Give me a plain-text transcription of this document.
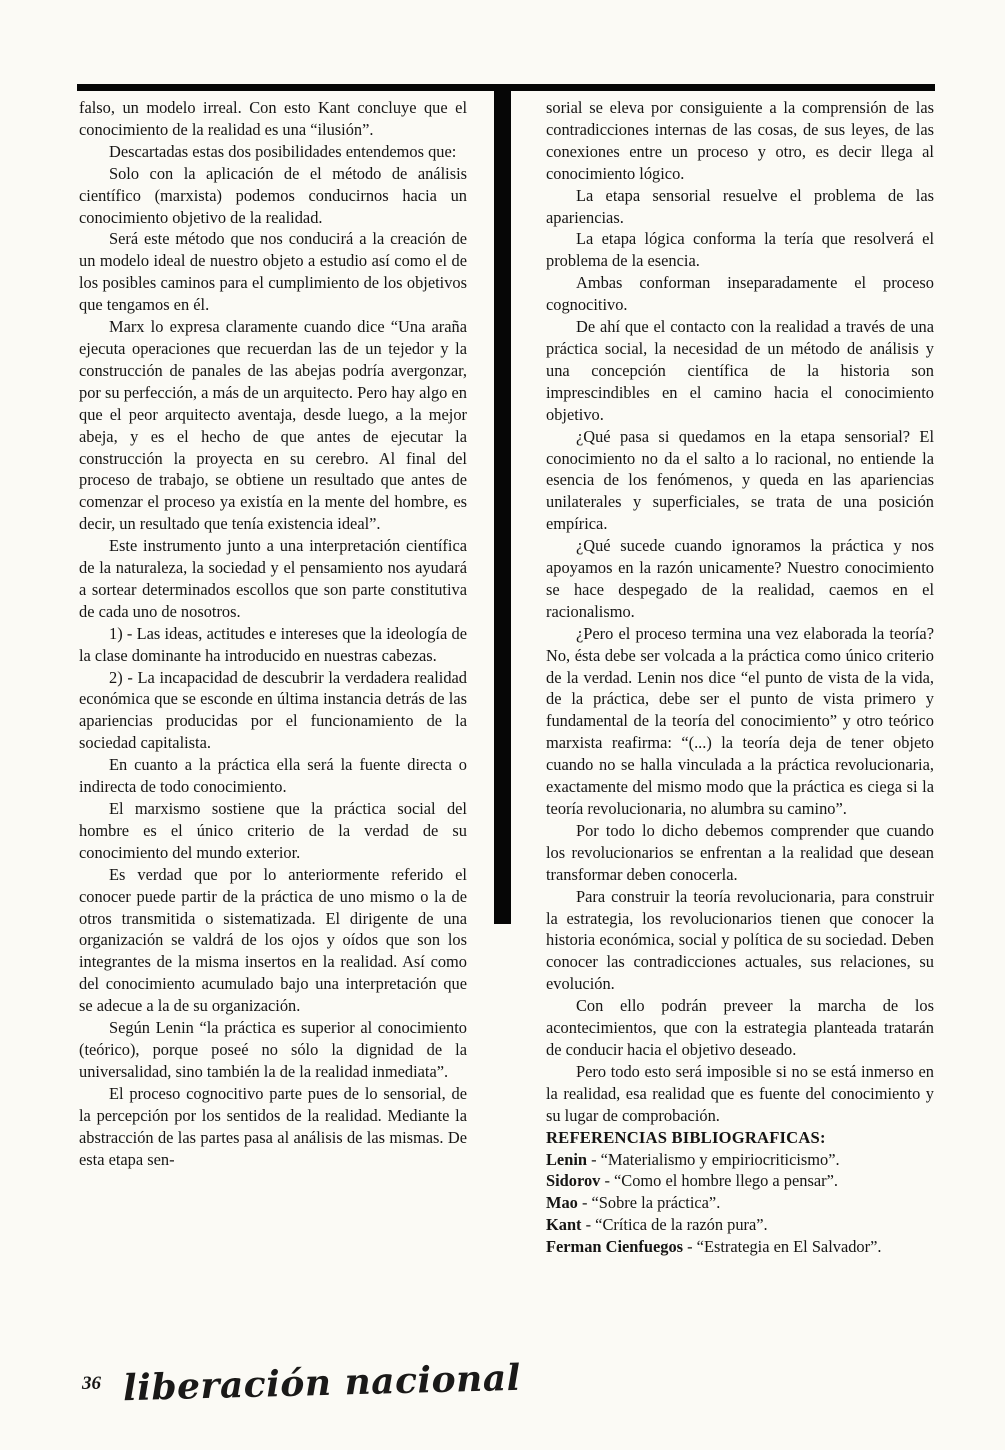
falso, un modelo irreal. Con esto Kant concluye que el conocimiento de la realidad es una “ilusión”.

Descartadas estas dos posibilidades entendemos que:

Solo con la aplicación de el método de análisis científico (marxista) podemos conducirnos hacia un conocimiento objetivo de la realidad.

Será este método que nos conducirá a la creación de un modelo ideal de nuestro objeto a estudio así como el de los posibles caminos para el cumplimiento de los objetivos que tengamos en él.

Marx lo expresa claramente cuando dice “Una araña ejecuta operaciones que recuerdan las de un tejedor y la construcción de panales de las abejas podría avergonzar, por su perfección, a más de un arquitecto. Pero hay algo en que el peor arquitecto aventaja, desde luego, a la mejor abeja, y es el hecho de que antes de ejecutar la construcción la proyecta en su cerebro. Al final del proceso de trabajo, se obtiene un resultado que antes de comenzar el proceso ya existía en la mente del hombre, es decir, un resultado que tenía existencia ideal”.

Este instrumento junto a una interpretación científica de la naturaleza, la sociedad y el pensamiento nos ayudará a sortear determinados escollos que son parte constitutiva de cada uno de nosotros.

1) - Las ideas, actitudes e intereses que la ideología de la clase dominante ha introducido en nuestras cabezas.

2) - La incapacidad de descubrir la verdadera realidad económica que se esconde en última instancia detrás de las apariencias producidas por el funcionamiento de la sociedad capitalista.

En cuanto a la práctica ella será la fuente directa o indirecta de todo conocimiento.

El marxismo sostiene que la práctica social del hombre es el único criterio de la verdad de su conocimiento del mundo exterior.

Es verdad que por lo anteriormente referido el conocer puede partir de la práctica de uno mismo o la de otros transmitida o sistematizada. El dirigente de una organización se valdrá de los ojos y oídos que son los integrantes de la misma insertos en la realidad. Así como del conocimiento acumulado bajo una interpretación que se adecue a la de su organización.

Según Lenin “la práctica es superior al conocimiento (teórico), porque poseé no sólo la dignidad de la universalidad, sino también la de la realidad inmediata”.

El proceso cognocitivo parte pues de lo sensorial, de la percepción por los sentidos de la realidad. Mediante la abstracción de las partes pasa al análisis de las mismas. De esta etapa sen-

sorial se eleva por consiguiente a la comprensión de las contradicciones internas de las cosas, de sus leyes, de las conexiones entre un proceso y otro, es decir llega al conocimiento lógico.

La etapa sensorial resuelve el problema de las apariencias.

La etapa lógica conforma la tería que resolverá el problema de la esencia.

Ambas conforman inseparadamente el proceso cognocitivo.

De ahí que el contacto con la realidad a través de una práctica social, la necesidad de un método de análisis y una concepción científica de la historia son imprescindibles en el camino hacia el conocimiento objetivo.

¿Qué pasa si quedamos en la etapa sensorial? El conocimiento no da el salto a lo racional, no entiende la esencia de los fenómenos, y queda en las apariencias unilaterales y superficiales, se trata de una posición empírica.

¿Qué sucede cuando ignoramos la práctica y nos apoyamos en la razón unicamente? Nuestro conocimiento se hace despegado de la realidad, caemos en el racionalismo.

¿Pero el proceso termina una vez elaborada la teoría? No, ésta debe ser volcada a la práctica como único criterio de la verdad. Lenin nos dice “el punto de vista de la vida, de la práctica, debe ser el punto de vista primero y fundamental de la teoría del conocimiento” y otro teórico marxista reafirma: “(...) la teoría deja de tener objeto cuando no se halla vinculada a la práctica revolucionaria, exactamente del mismo modo que la práctica es ciega si la teoría revolucionaria, no alumbra su camino”.

Por todo lo dicho debemos comprender que cuando los revolucionarios se enfrentan a la realidad que desean transformar deben conocerla.

Para construir la teoría revolucionaria, para construir la estrategia, los revolucionarios tienen que conocer la historia económica, social y política de su sociedad. Deben conocer las contradicciones actuales, sus relaciones, su evolución.

Con ello podrán preveer la marcha de los acontecimientos, que con la estrategia planteada tratarán de conducir hacia el objetivo deseado.

Pero todo esto será imposible si no se está inmerso en la realidad, esa realidad que es fuente del conocimiento y su lugar de comprobación.

REFERENCIAS BIBLIOGRAFICAS:

Lenin - “Materialismo y empiriocriticismo”.

Sidorov - “Como el hombre llego a pensar”.

Mao - “Sobre la práctica”.

Kant - “Crítica de la razón pura”.

Ferman Cienfuegos - “Estrategia en El Salvador”.

36 liberación nacional
